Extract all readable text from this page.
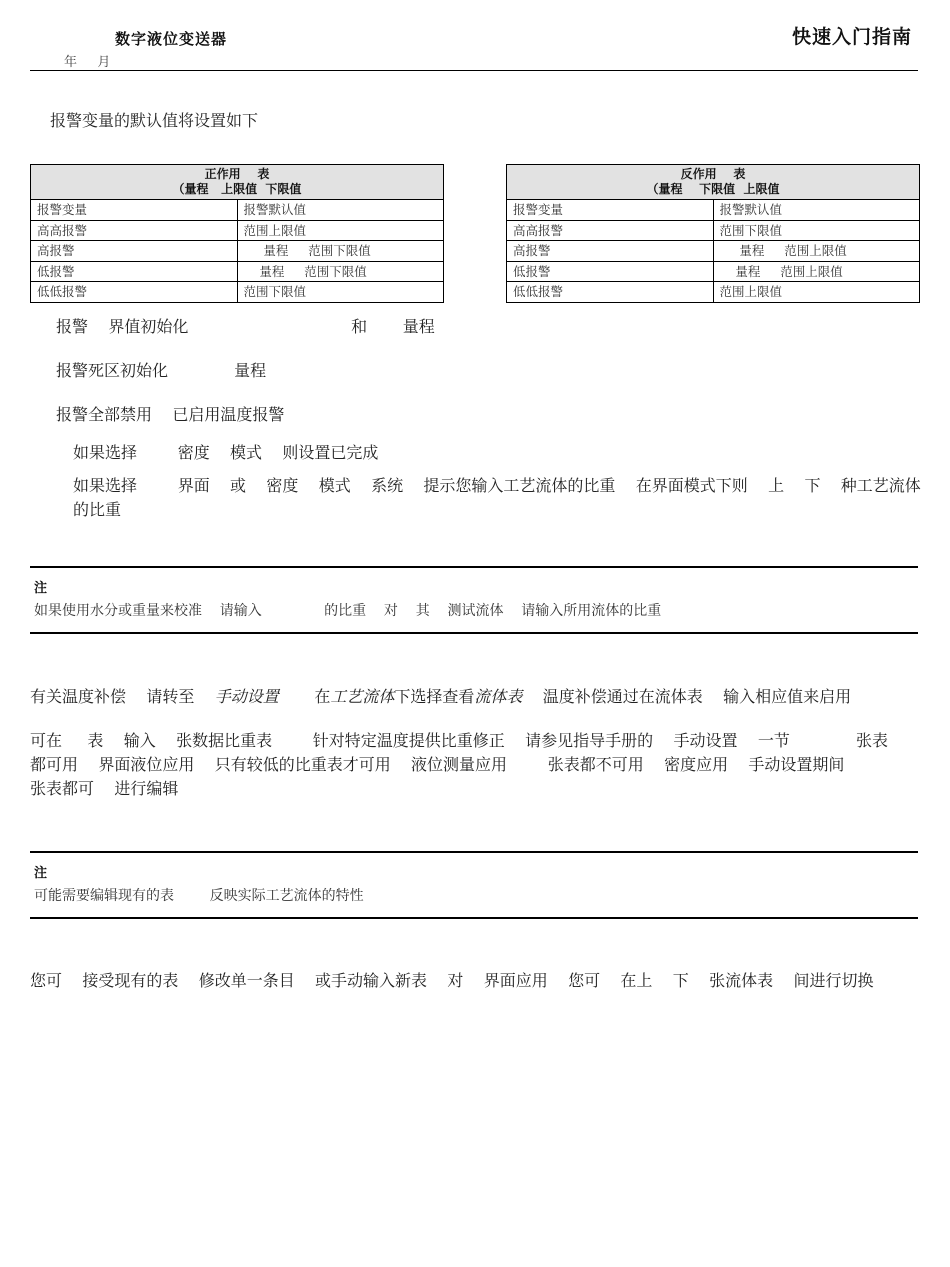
数字液位变送器
年   月
快速入门指南
报警变量的默认值将设置如下
正作用    表
（量程   上限值  下限值	
报警变量	报警默认值
高高报警	范围上限值
高报警	量程     范围下限值
低报警	量程     范围下限值
低低报警	范围下限值
反作用    表
（量程    下限值  上限值	
报警变量	报警默认值
高高报警	范围下限值
高报警	量程     范围上限值
低报警	量程     范围上限值
低低报警	范围上限值
报警    界值初始化                                和       量程
报警死区初始化             量程
报警全部禁用    已启用温度报警
如果选择        密度    模式    则设置已完成
如果选择        界面    或    密度    模式    系统    提示您输入工艺流体的比重    在界面模式下则    上    下    种工艺流体的比重
注
如果使用水分或重量来校准    请输入              的比重    对    其    测试流体    请输入所用流体的比重
有关温度补偿    请转至    手动设置       在工艺流体下选择查看流体表    温度补偿通过在流体表    输入相应值来启用
可在     表    输入    张数据比重表        针对特定温度提供比重修正    请参见指导手册的    手动设置    一节             张表
都可用    界面液位应用    只有较低的比重表才可用    液位测量应用        张表都不可用    密度应用    手动设置期间
张表都可    进行编辑
注
可能需要编辑现有的表        反映实际工艺流体的特性
您可    接受现有的表    修改单一条目    或手动输入新表    对    界面应用    您可    在上    下    张流体表    间进行切换
